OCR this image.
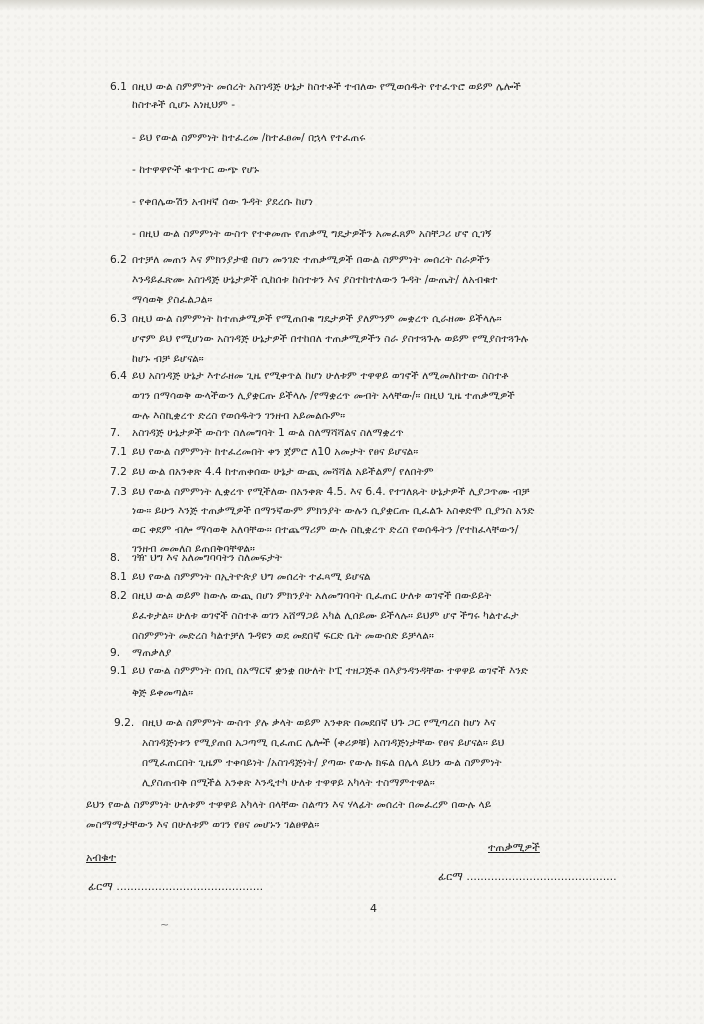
6.1 በዚህ ውል ስምምነት መሰረት አስገዳጅ ሁኔታ ከስተቶች ተብለው የሚወሰዱት የተፈጥሮ ወይም ሌሎች
ከስተቶች ሲሆኑ አነዚህም -
- ይህ የውል ስምምነት ከተፈረመ /ከተፈፀመ/ በኋላ የተፈጠሩ
- ከተዋዋዮች ቁጥጥር ውጭ የሆኑ
- የቀበሌውሽን አብዛኛ ሰው ጉዳት ያደረሱ ከሆነ
- በዚህ ውል ስምምነት ውስጥ የተቀመጡ የጠቃሚ ግዴታዎችን አመፈጸም አስቸጋሪ ሆኖ ሲገኝ
6.2 በተቻለ መጠን እና ምክንያታዊ በሆነ መንገድ ተጠቃሚዎች በውል ስምምነት መሰረት ስራዎችን
እንዳይፈጽሙ አስገዳጅ ሁኔታዎች ሲከሰቱ ከስተቱን እና ያስተከተለውን ጉዳት /ውጤት/ ለአብቁተ
ማሳወቅ ያስፈልጋል።
6.3 በዚህ ውል ስምምነት ከተጠቃሚዎች የሚጠበቁ ግዴታዎች ያለምንም መቋረጥ ሲራዘሙ ይችላሉ።
ሆኖም ይህ የሚሆነው አስገዳጅ ሁኔታዎች በተከበለ ተጠቃሚዎችን ስራ ያስተጓጉሉ ወይም የሚያስተጓጉሉ
ከሆኑ ብቻ ይሆናል።
6.4 ይህ አስገዳጅ ሁኔታ እተራዘመ ጊዜ የሚቀጥል ከሆነ ሁለቱም ተዋዋይ ወገኖች ለሚመለከተው ስስተቶ
ወገን በማሳወቅ ውላችውን ሊያቋርጡ ይችላሉ /የማቋረጥ መብት አላቸው/። በዚህ ጊዜ ተጠቃሚዎች
ውሉ እስኪቋረጥ ድረስ የወሰዱትን ገንዘብ አይመልሱም።
7. አስገዳጅ ሁኔታዎች ውስጥ ስለመግባት 1 ውል ስለማሻሻልና ስለማቋረጥ
7.1 ይህ የውል ስምምነት ከተፈረመበት ቀን ጀምሮ ለ10 አመታት የፀና ይሆናል።
7.2 ይህ ውል በአንቀጽ 4.4 ከተጠቀሰው ሁኔታ ውጪ መሻሻል አይችልም/ የለበትም
7.3 ይህ የውል ስምምነት ሊቋረጥ የሚችለው በአንቀጽ 4.5. እና 6.4. የተገለጹት ሁኔታዎች ሊያጋጥሙ ብቻ
ነው። ይሁን እንጅ ተጠቃሚዎች በማንኛውም ምክንያት ውሉን ሲያቋርጡ ቢፈልጉ አስቀድሞ ቢያንስ አንድ
ወር ቀደም ብሎ ማሳወቅ አለባቸው። በተጨማሪም ውሉ ስኪቋረጥ ድረስ የወሰዱትን /የተከፈላቸውን/
ገንዘብ መመለስ ይጠበቅባቸዋል።
8. ገዥ ህግ እና አለመግባባትን ስለመፍታት
8.1 ይህ የውል ስምምነት በኢትዮጵያ ህግ መሰረት ተፈጻሚ ይሆናል
8.2 በዚህ ውል ወይም ከውሉ ውጪ በሆነ ምክንያት አለመግባባት ቢፈጠር ሁለቱ ወገኖች በውይይት
ይፈቱታል። ሁለቱ ወገኖች ስስተቶ ወገን አሸማጋይ አካል ሊሰይሙ ይችላሉ። ይህም ሆኖ ችግሩ ካልተፈታ
በስምምነት መድረስ ካልተቻለ ጉዳዩን ወደ መደበኛ ፍርድ ቤት መውሰድ ይቻላል።
9. ማጠቃለያ
9.1 ይህ የውል ስምምነት በነቢ በአማርኛ ቋንቋ በሁለት ኮፒ ተዘጋጅቶ በእያንዳንዳቸው ተዋዋይ ወገኖች እንድ
ቅጅ ይቀመጣል።
9.2. በዚህ ውል ስምምነት ውስጥ ያሉ ቃላት ወይም አንቀጽ በመደበኛ ህጉ ጋር የሚጣረስ ከሆነ እና
አስገዳጅነቱን የሚያጠበ አጋጣሚ ቢፈጠር ሌሎች (ቀሪዎቹ) አስገዳጅነታቸው የፀና ይሆናል። ይህ
በሚፈጠርበት ጊዜም ተቀባይነት /አስገዳጅነት/ ያጣው የውሉ ክፍል በሌላ ይህን ውል ስምምነት
ሊያስጠብቅ በሚችል አንቀጽ እንዲተካ ሁለቱ ተዋዋይ አካላት ተስማምተዋል።
ይህን የውል ስምምነት ሁለቱም ተዋዋይ አካላት በላቸው ስልጣን እና ሃላፊት መሰረት በመፈረም በውሉ ላይ
መስማማታቸውን እና በሁለቱም ወገን የፀና መሆኑን ገልፀዋል።
አብቁተ
ተጠቃሚዎች
ፊርማ ..........................................
ፊርማ ...........................................
4
~
